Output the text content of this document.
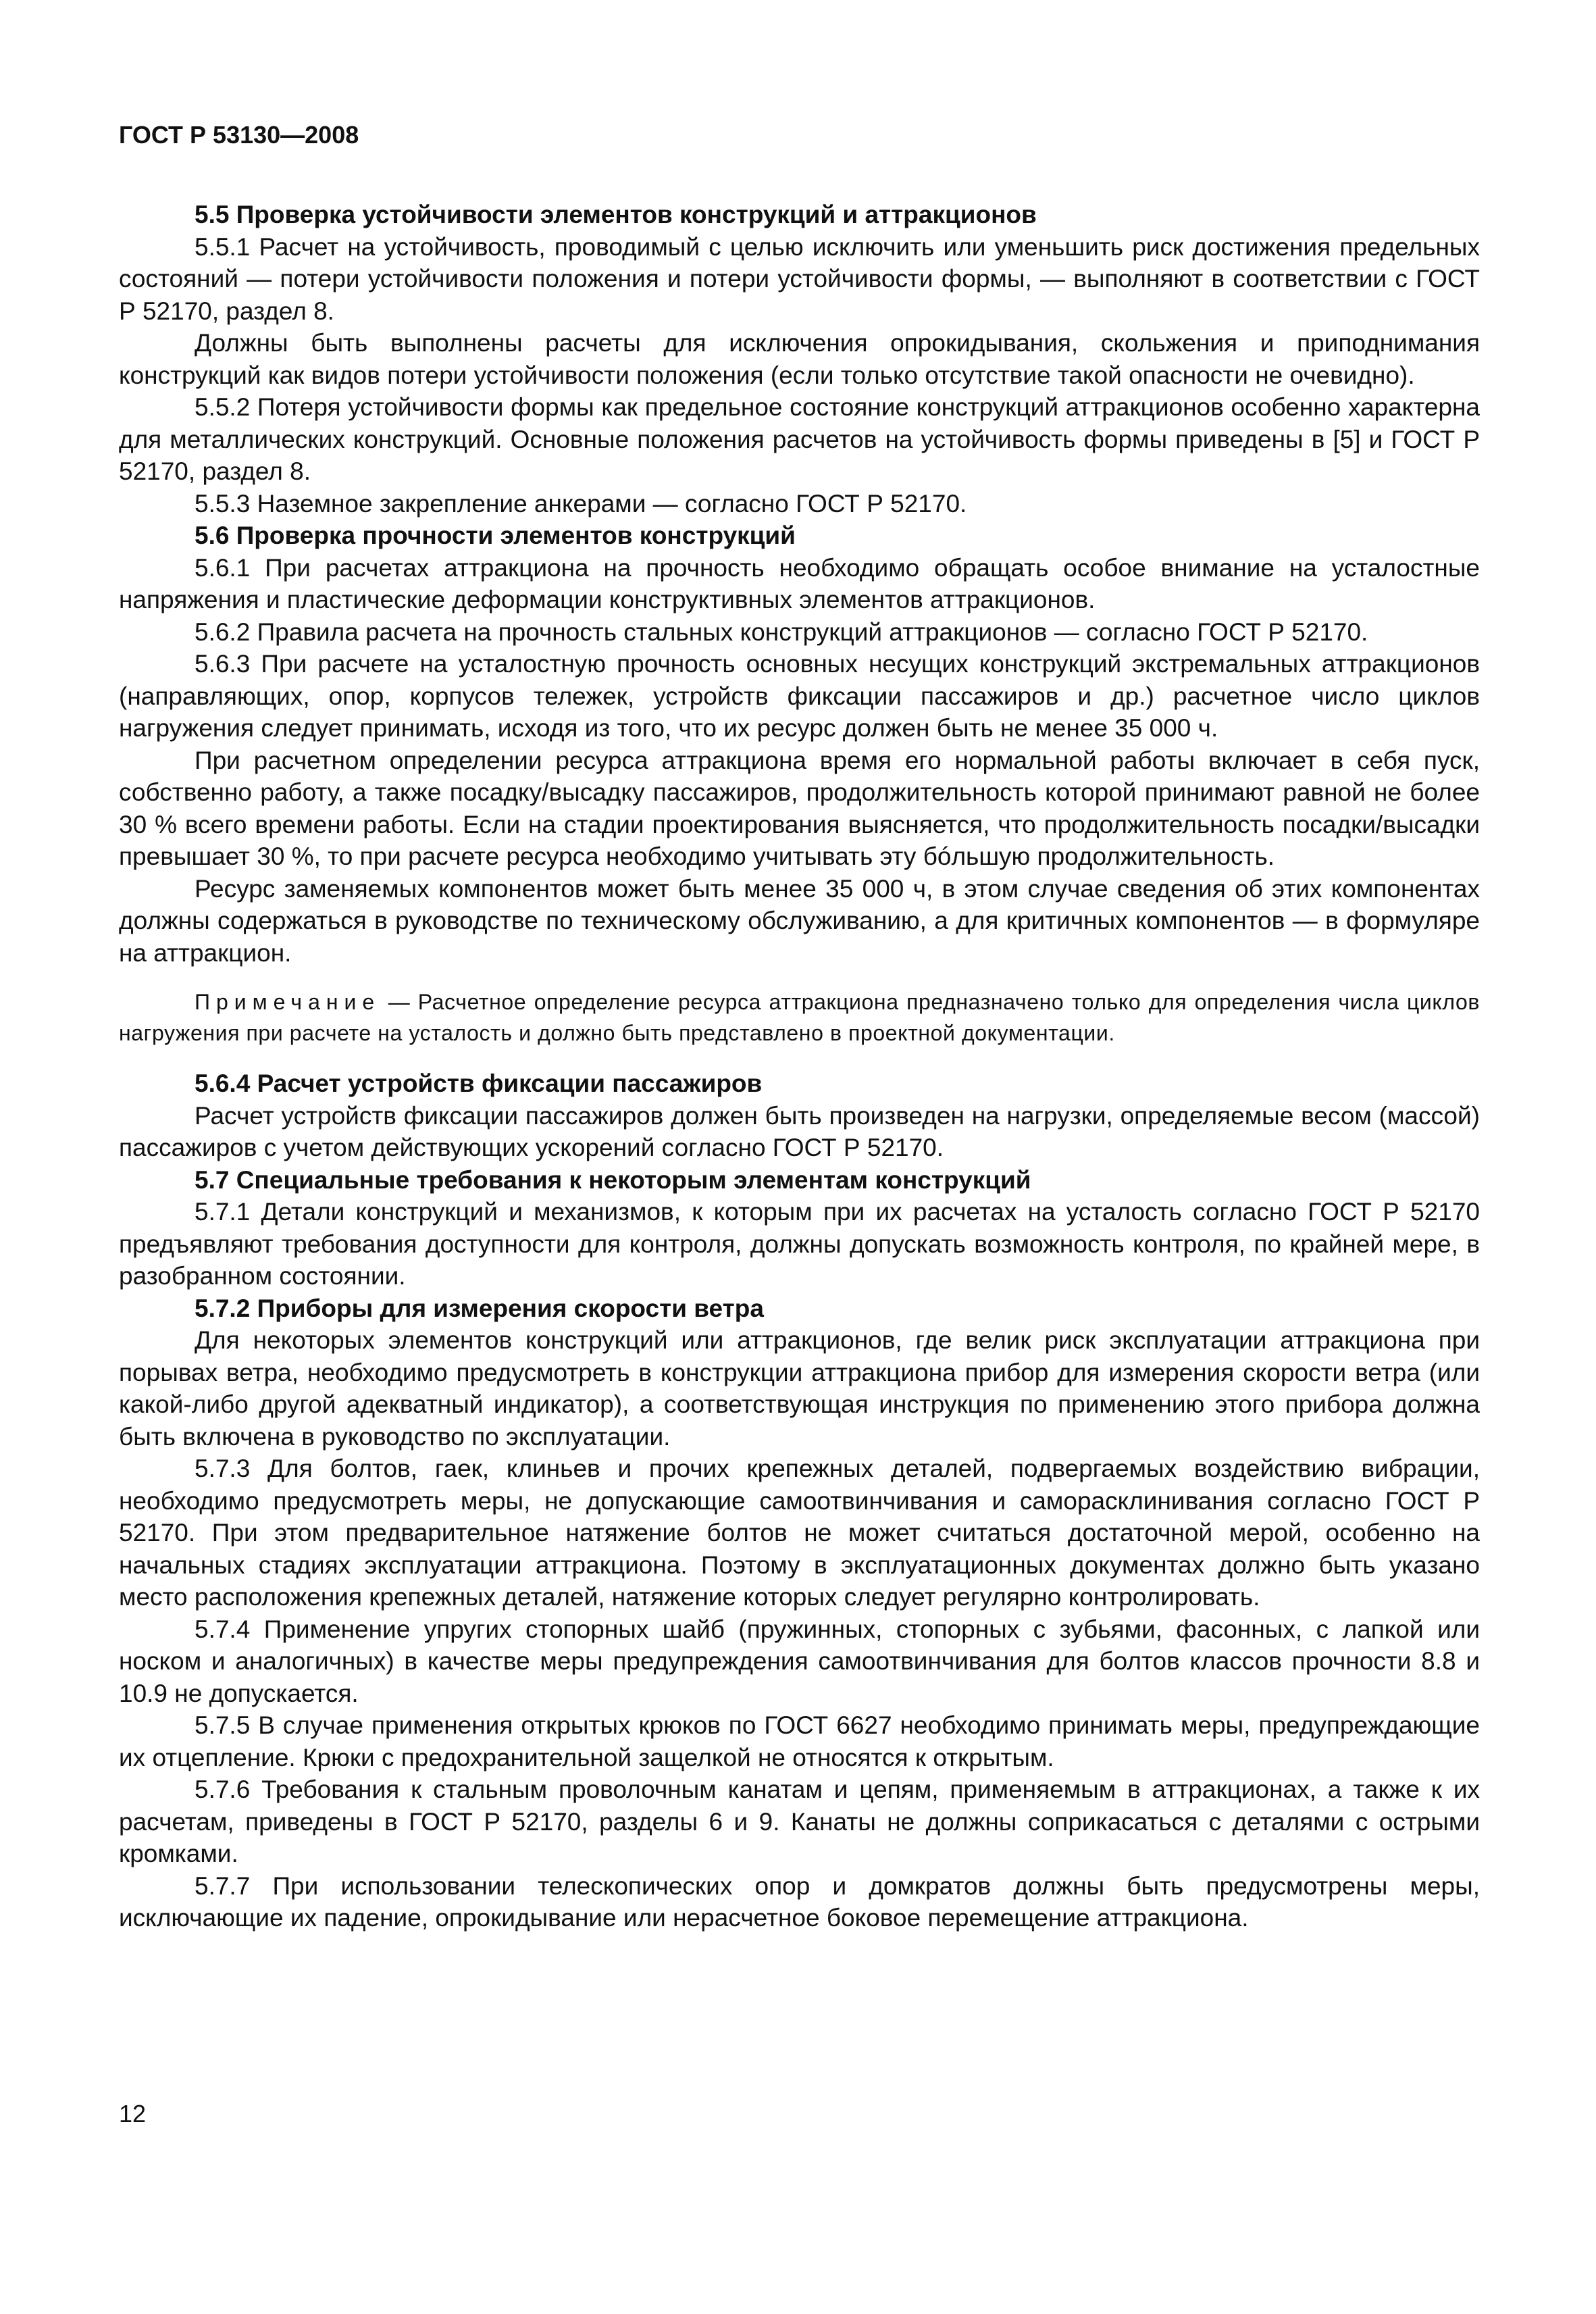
ГОСТ Р 53130—2008
5.5 Проверка устойчивости элементов конструкций и аттракционов

5.5.1 Расчет на устойчивость, проводимый с целью исключить или уменьшить риск достижения предельных состояний — потери устойчивости положения и потери устойчивости формы, — выполняют в соответствии с ГОСТ Р 52170, раздел 8.

Должны быть выполнены расчеты для исключения опрокидывания, скольжения и приподнимания конструкций как видов потери устойчивости положения (если только отсутствие такой опасности не очевидно).

5.5.2 Потеря устойчивости формы как предельное состояние конструкций аттракционов особенно характерна для металлических конструкций. Основные положения расчетов на устойчивость формы приведены в [5] и ГОСТ Р 52170, раздел 8.

5.5.3 Наземное закрепление анкерами — согласно ГОСТ Р 52170.

5.6 Проверка прочности элементов конструкций

5.6.1 При расчетах аттракциона на прочность необходимо обращать особое внимание на усталостные напряжения и пластические деформации конструктивных элементов аттракционов.

5.6.2 Правила расчета на прочность стальных конструкций аттракционов — согласно ГОСТ Р 52170.

5.6.3 При расчете на усталостную прочность основных несущих конструкций экстремальных аттракционов (направляющих, опор, корпусов тележек, устройств фиксации пассажиров и др.) расчетное число циклов нагружения следует принимать, исходя из того, что их ресурс должен быть не менее 35 000 ч.

При расчетном определении ресурса аттракциона время его нормальной работы включает в себя пуск, собственно работу, а также посадку/высадку пассажиров, продолжительность которой принимают равной не более 30 % всего времени работы. Если на стадии проектирования выясняется, что продолжительность посадки/высадки превышает 30 %, то при расчете ресурса необходимо учитывать эту бóльшую продолжительность.

Ресурс заменяемых компонентов может быть менее 35 000 ч, в этом случае сведения об этих компонентах должны содержаться в руководстве по техническому обслуживанию, а для критичных компонентов — в формуляре на аттракцион.

Примечание — Расчетное определение ресурса аттракциона предназначено только для определения числа циклов нагружения при расчете на усталость и должно быть представлено в проектной документации.

5.6.4 Расчет устройств фиксации пассажиров

Расчет устройств фиксации пассажиров должен быть произведен на нагрузки, определяемые весом (массой) пассажиров с учетом действующих ускорений согласно ГОСТ Р 52170.

5.7 Специальные требования к некоторым элементам конструкций

5.7.1 Детали конструкций и механизмов, к которым при их расчетах на усталость согласно ГОСТ Р 52170 предъявляют требования доступности для контроля, должны допускать возможность контроля, по крайней мере, в разобранном состоянии.

5.7.2 Приборы для измерения скорости ветра

Для некоторых элементов конструкций или аттракционов, где велик риск эксплуатации аттракциона при порывах ветра, необходимо предусмотреть в конструкции аттракциона прибор для измерения скорости ветра (или какой-либо другой адекватный индикатор), а соответствующая инструкция по применению этого прибора должна быть включена в руководство по эксплуатации.

5.7.3 Для болтов, гаек, клиньев и прочих крепежных деталей, подвергаемых воздействию вибрации, необходимо предусмотреть меры, не допускающие самоотвинчивания и саморасклинивания согласно ГОСТ Р 52170. При этом предварительное натяжение болтов не может считаться достаточной мерой, особенно на начальных стадиях эксплуатации аттракциона. Поэтому в эксплуатационных документах должно быть указано место расположения крепежных деталей, натяжение которых следует регулярно контролировать.

5.7.4 Применение упругих стопорных шайб (пружинных, стопорных с зубьями, фасонных, с лапкой или носком и аналогичных) в качестве меры предупреждения самоотвинчивания для болтов классов прочности 8.8 и 10.9 не допускается.

5.7.5 В случае применения открытых крюков по ГОСТ 6627 необходимо принимать меры, предупреждающие их отцепление. Крюки с предохранительной защелкой не относятся к открытым.

5.7.6 Требования к стальным проволочным канатам и цепям, применяемым в аттракционах, а также к их расчетам, приведены в ГОСТ Р 52170, разделы 6 и 9. Канаты не должны соприкасаться с деталями с острыми кромками.

5.7.7 При использовании телескопических опор и домкратов должны быть предусмотрены меры, исключающие их падение, опрокидывание или нерасчетное боковое перемещение аттракциона.

12
